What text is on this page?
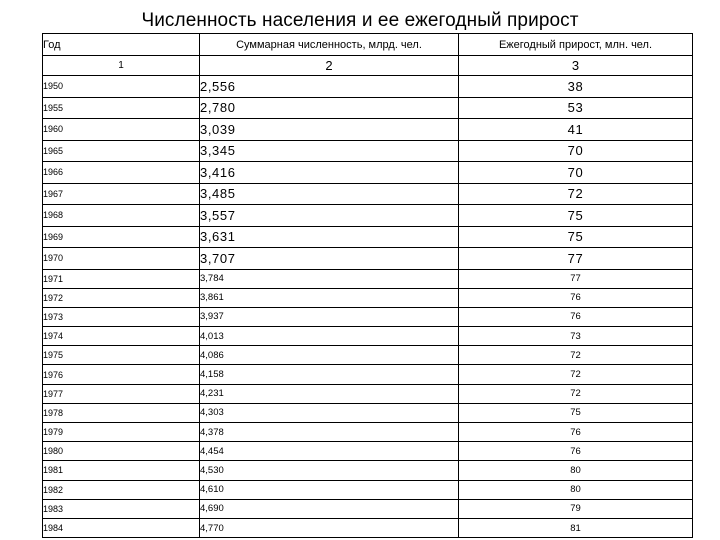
Численность населения и ее ежегодный прирост
Год	Суммарная численность, млрд. чел.	Ежегодный прирост, млн. чел.
1	2	3
1950	2,556	38
1955	2,780	53
1960	3,039	41
1965	3,345	70
1966	3,416	70
1967	3,485	72
1968	3,557	75
1969	3,631	75
1970	3,707	77
1971	3,784	77
1972	3,861	76
1973	3,937	76
1974	4,013	73
1975	4,086	72
1976	4,158	72
1977	4,231	72
1978	4,303	75
1979	4,378	76
1980	4,454	76
1981	4,530	80
1982	4,610	80
1983	4,690	79
1984	4,770	81
